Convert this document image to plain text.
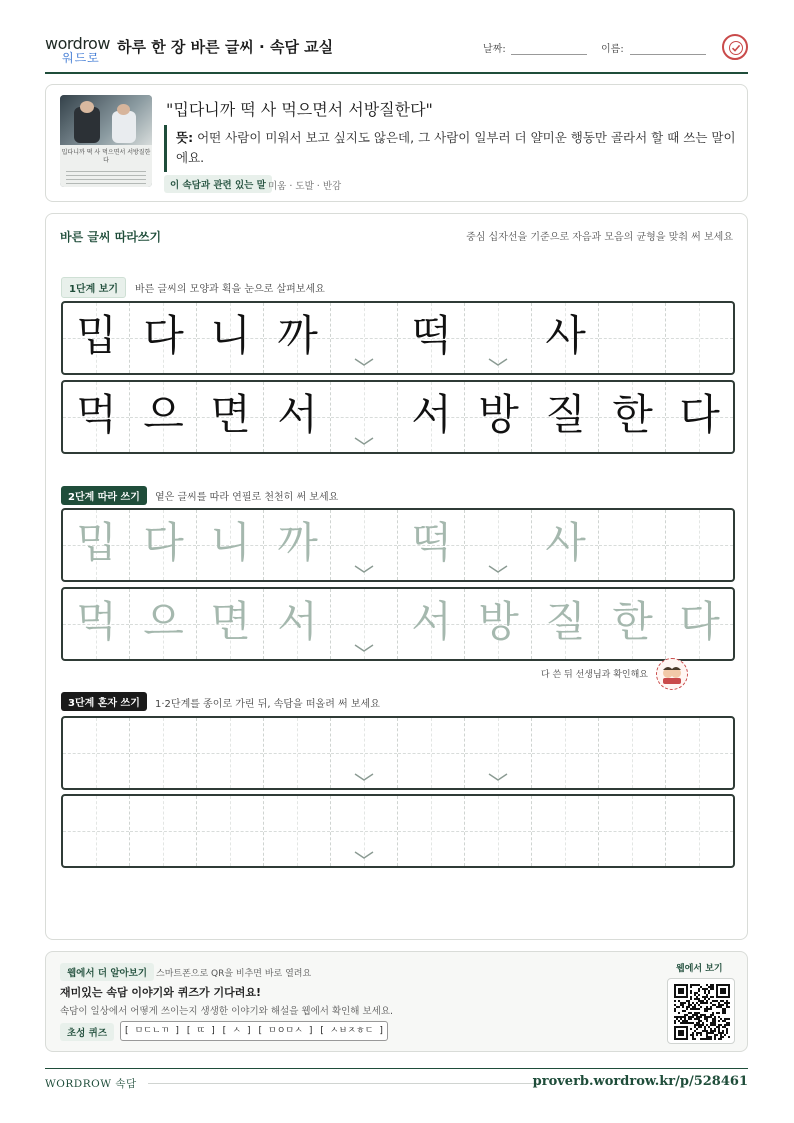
wordrow
워드로
하루 한 장 바른 글씨 · 속담 교실	날짜:	이름:
밉다니까 떡 사 먹으면서 서방질한다
"밉다니까 떡 사 먹으면서 서방질한다"
뜻: 어떤 사람이 미워서 보고 싶지도 않은데, 그 사람이 일부러 더 얄미운 행동만 골라서 할 때 쓰는 말이에요.
이 속담과 관련 있는 말 미움 · 도발 · 반감
바른 글씨 따라쓰기	중심 십자선을 기준으로 자음과 모음의 균형을 맞춰 써 보세요
1단계 보기	바른 글씨의 모양과 획을 눈으로 살펴보세요
밉 다 니 까	떡	사
먹 으 면 서	서 방 질 한 다
2단계 따라 쓰기	옅은 글씨를 따라 연필로 천천히 써 보세요
밉 다 니 까	떡	사
먹 으 면 서	서 방 질 한 다
3단계 혼자 쓰기	1·2단계를 종이로 가린 뒤, 속담을 떠올려 써 보세요
다 쓴 뒤 선생님과 확인해요
웹에서 더 알아보기 스마트폰으로 QR을 비추면 바로 열려요
재미있는 속담 이야기와 퀴즈가 기다려요!
속담이 일상에서 어떻게 쓰이는지 생생한 이야기와 해설을 웹에서 확인해 보세요.
초성 퀴즈	[ ㅁㄷㄴㄲ ] [ ㄸ ] [ ㅅ ] [ ㅁㅇㅁㅅ ] [ ㅅㅂㅈㅎㄷ ]
웹에서 보기
WORDROW 속담	proverb.wordrow.kr/p/528461
